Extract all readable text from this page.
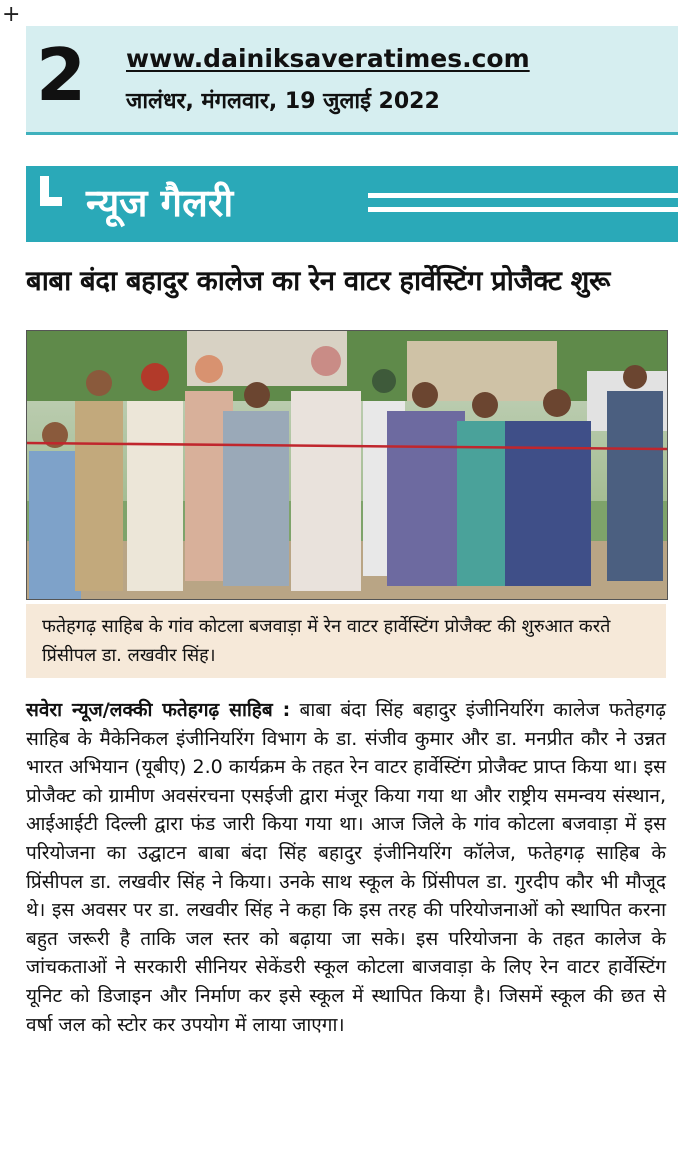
+
2 www.dainiksaveratimes.com
जालंधर, मंगलवार, 19 जुलाई 2022
न्यूज गैलरी
बाबा बंदा बहादुर कालेज का रेन वाटर हार्वेस्टिंग प्रोजैक्ट शुरू
फतेहगढ़ साहिब के गांव कोटला बजवाड़ा में रेन वाटर हार्वेस्टिंग प्रोजैक्ट की शुरुआत करते प्रिंसीपल डा. लखवीर सिंह।
सवेरा न्यूज/लक्की फतेहगढ़ साहिब : बाबा बंदा सिंह बहादुर इंजीनियरिंग कालेज फतेहगढ़ साहिब के मैकेनिकल इंजीनियरिंग विभाग के डा. संजीव कुमार और डा. मनप्रीत कौर ने उन्नत भारत अभियान (यूबीए) 2.0 कार्यक्रम के तहत रेन वाटर हार्वेस्टिंग प्रोजैक्ट प्राप्त किया था। इस प्रोजैक्ट को ग्रामीण अवसंरचना एसईजी द्वारा मंजूर किया गया था और राष्ट्रीय समन्वय संस्थान, आईआईटी दिल्ली द्वारा फंड जारी किया गया था। आज जिले के गांव कोटला बजवाड़ा में इस परियोजना का उद्घाटन बाबा बंदा सिंह बहादुर इंजीनियरिंग कॉलेज, फतेहगढ़ साहिब के प्रिंसीपल डा. लखवीर सिंह ने किया। उनके साथ स्कूल के प्रिंसीपल डा. गुरदीप कौर भी मौजूद थे। इस अवसर पर डा. लखवीर सिंह ने कहा कि इस तरह की परियोजनाओं को स्थापित करना बहुत जरूरी है ताकि जल स्तर को बढ़ाया जा सके। इस परियोजना के तहत कालेज के जांचकताओं ने सरकारी सीनियर सेकेंडरी स्कूल कोटला बाजवाड़ा के लिए रेन वाटर हार्वेस्टिंग यूनिट को डिजाइन और निर्माण कर इसे स्कूल में स्थापित किया है। जिसमें स्कूल की छत से वर्षा जल को स्टोर कर उपयोग में लाया जाएगा।
